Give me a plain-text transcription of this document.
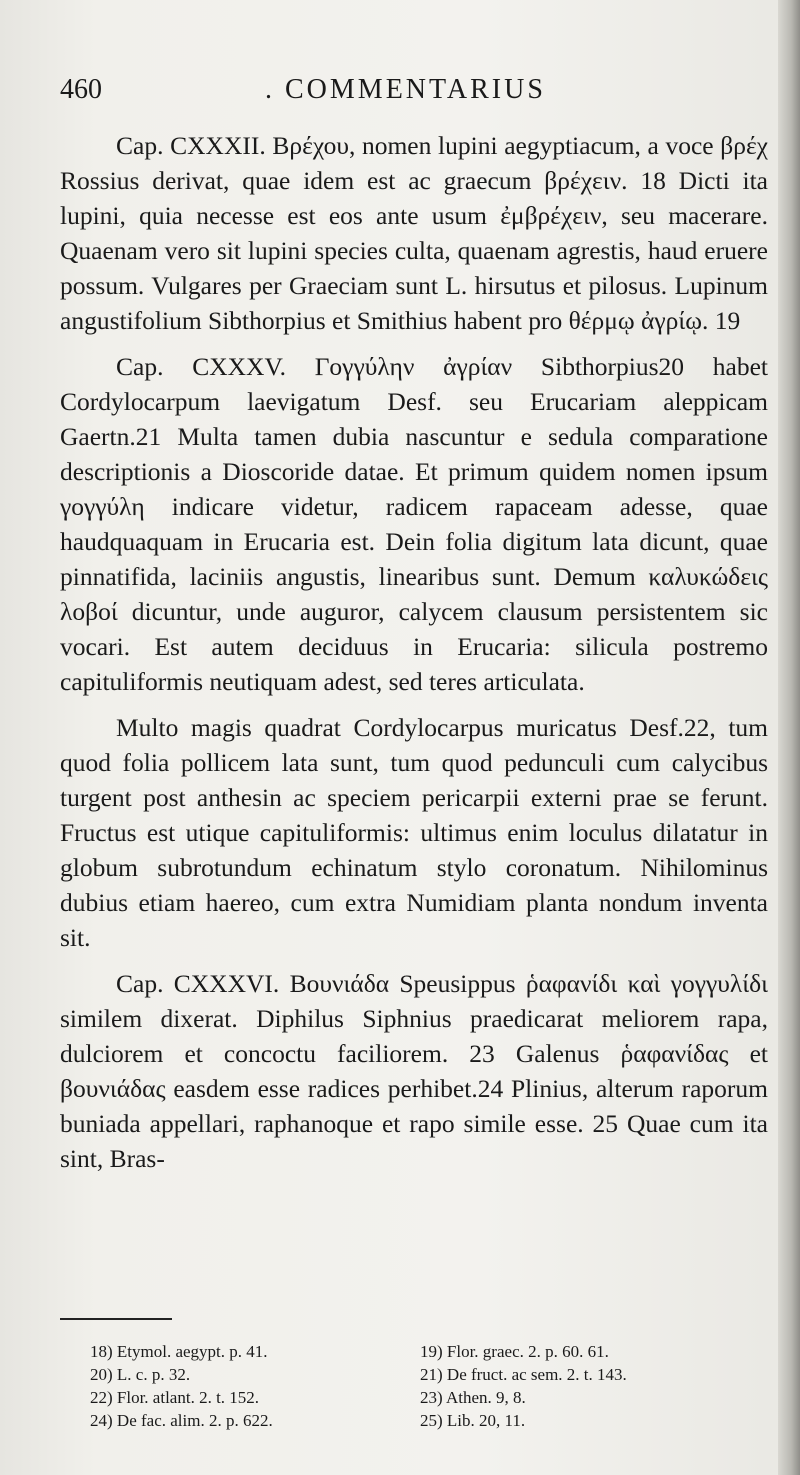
460	. COMMENTARIUS

Cap. CXXXII. Βρέχου, nomen lupini aegyptiacum, a voce βρέχ Rossius derivat, quae idem est ac graecum βρέχειν. 18 Dicti ita lupini, quia necesse est eos ante usum ἐμβρέχειν, seu macerare. Quaenam vero sit lupini species culta, quaenam agrestis, haud eruere possum. Vulgares per Graeciam sunt L. hirsutus et pilosus. Lupinum angustifolium Sibthorpius et Smithius habent pro θέρμῳ ἀγρίῳ. 19

Cap. CXXXV. Γογγύλην ἀγρίαν Sibthorpius20 habet Cordylocarpum laevigatum Desf. seu Erucariam aleppicam Gaertn.21 Multa tamen dubia nascuntur e sedula comparatione descriptionis a Dioscoride datae. Et primum quidem nomen ipsum γογγύλη indicare videtur, radicem rapaceam adesse, quae haudquaquam in Erucaria est. Dein folia digitum lata dicunt, quae pinnatifida, laciniis angustis, linearibus sunt. Demum καλυκώδεις λοβοί dicuntur, unde auguror, calycem clausum persistentem sic vocari. Est autem deciduus in Erucaria: silicula postremo capituliformis neutiquam adest, sed teres articulata.

Multo magis quadrat Cordylocarpus muricatus Desf.22, tum quod folia pollicem lata sunt, tum quod pedunculi cum calycibus turgent post anthesin ac speciem pericarpii externi prae se ferunt. Fructus est utique capituliformis: ultimus enim loculus dilatatur in globum subrotundum echinatum stylo coronatum. Nihilominus dubius etiam haereo, cum extra Numidiam planta nondum inventa sit.

Cap. CXXXVI. Βουνιάδα Speusippus ῥαφανίδι καὶ γογγυλίδι similem dixerat. Diphilus Siphnius praedicarat meliorem rapa, dulciorem et concoctu faciliorem. 23 Galenus ῥαφανίδας et βουνιάδας easdem esse radices perhibet.24 Plinius, alterum raporum buniada appellari, raphanoque et rapo simile esse. 25 Quae cum ita sint, Bras-

18) Etymol. aegypt. p. 41.	19) Flor. graec. 2. p. 60. 61.
20) L. c. p. 32.	21) De fruct. ac sem. 2. t. 143.
22) Flor. atlant. 2. t. 152.	23) Athen. 9, 8.
24) De fac. alim. 2. p. 622.	25) Lib. 20, 11.
